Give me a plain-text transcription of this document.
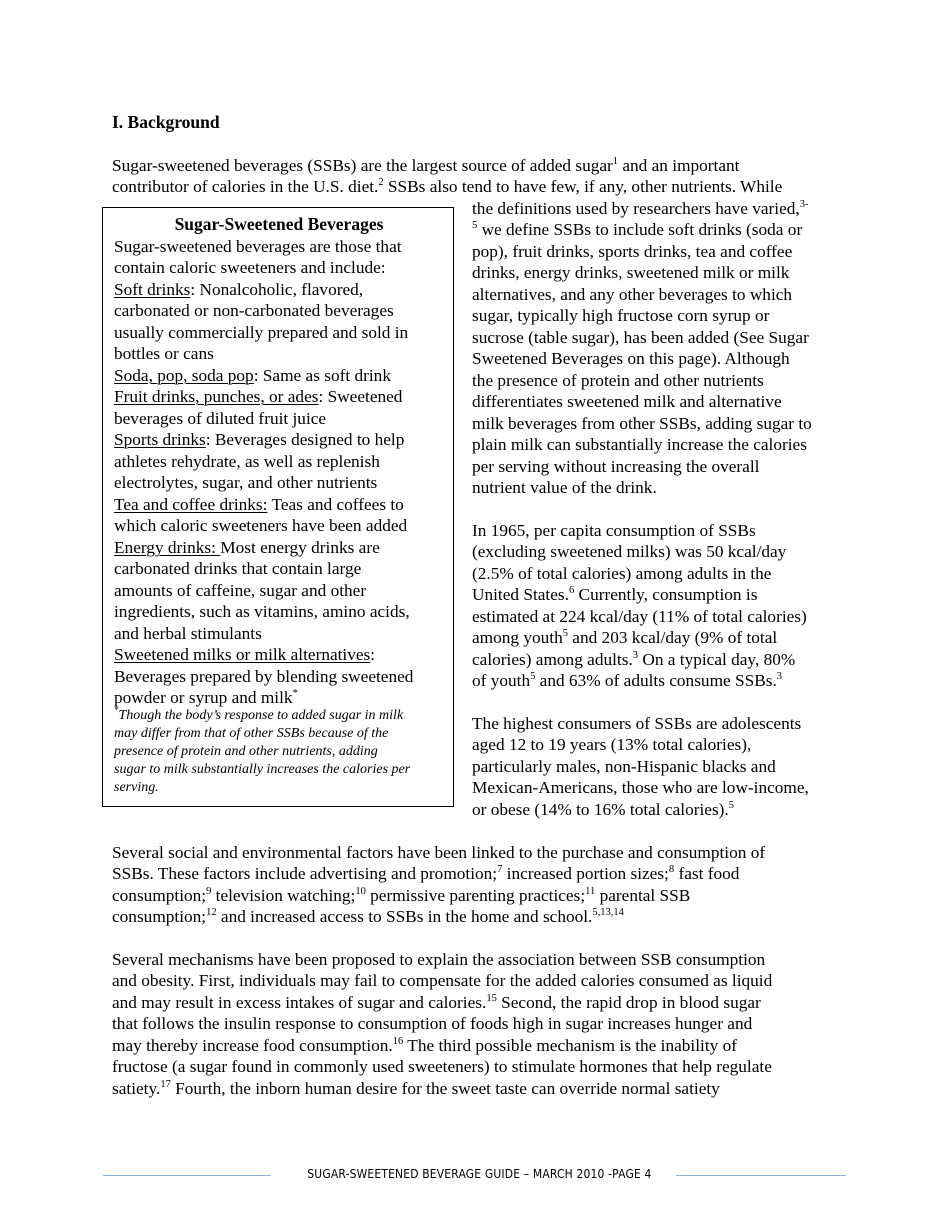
I. Background
Sugar-sweetened beverages (SSBs) are the largest source of added sugar$^1$ and an important
contributor of calories in the U.S. diet.$^2$ SSBs also tend to have few, if any, other nutrients. While
Sugar-Sweetened Beverages
Sugar-sweetened beverages are those that
contain caloric sweeteners and include:
Soft drinks: Nonalcoholic, flavored,
carbonated or non-carbonated beverages
usually commercially prepared and sold in
bottles or cans
Soda, pop, soda pop: Same as soft drink
Fruit drinks, punches, or ades: Sweetened
beverages of diluted fruit juice
Sports drinks: Beverages designed to help
athletes rehydrate, as well as replenish
electrolytes, sugar, and other nutrients
Tea and coffee drinks: Teas and coffees to
which caloric sweeteners have been added
Energy drinks: Most energy drinks are
carbonated drinks that contain large
amounts of caffeine, sugar and other
ingredients, such as vitamins, amino acids,
and herbal stimulants
Sweetened milks or milk alternatives:
Beverages prepared by blending sweetened
powder or syrup and milk*
*Though the body’s response to added sugar in milk
may differ from that of other SSBs because of the
presence of protein and other nutrients, adding
sugar to milk substantially increases the calories per
serving.
the definitions used by researchers have varied,$^{3-}$
$^5$ we define SSBs to include soft drinks (soda or
pop), fruit drinks, sports drinks, tea and coffee
drinks, energy drinks, sweetened milk or milk
alternatives, and any other beverages to which
sugar, typically high fructose corn syrup or
sucrose (table sugar), has been added (See Sugar
Sweetened Beverages on this page). Although
the presence of protein and other nutrients
differentiates sweetened milk and alternative
milk beverages from other SSBs, adding sugar to
plain milk can substantially increase the calories
per serving without increasing the overall
nutrient value of the drink.
In 1965, per capita consumption of SSBs
(excluding sweetened milks) was 50 kcal/day
(2.5% of total calories) among adults in the
United States.$^6$ Currently, consumption is
estimated at 224 kcal/day (11% of total calories)
among youth$^5$ and 203 kcal/day (9% of total
calories) among adults.$^3$ On a typical day, 80%
of youth$^5$ and 63% of adults consume SSBs.$^3$
The highest consumers of SSBs are adolescents
aged 12 to 19 years (13% total calories),
particularly males, non-Hispanic blacks and
Mexican-Americans, those who are low-income,
or obese (14% to 16% total calories).$^5$
Several social and environmental factors have been linked to the purchase and consumption of
SSBs. These factors include advertising and promotion;$^7$ increased portion sizes;$^8$ fast food
consumption;$^9$ television watching;$^{10}$ permissive parenting practices;$^{11}$ parental SSB
consumption;$^{12}$ and increased access to SSBs in the home and school.$^{5,13,14}$
Several mechanisms have been proposed to explain the association between SSB consumption
and obesity. First, individuals may fail to compensate for the added calories consumed as liquid
and may result in excess intakes of sugar and calories.$^{15}$ Second, the rapid drop in blood sugar
that follows the insulin response to consumption of foods high in sugar increases hunger and
may thereby increase food consumption.$^{16}$ The third possible mechanism is the inability of
fructose (a sugar found in commonly used sweeteners) to stimulate hormones that help regulate
satiety.$^{17}$ Fourth, the inborn human desire for the sweet taste can override normal satiety
SUGAR-SWEETENED BEVERAGE GUIDE – MARCH 2010 -PAGE 4
